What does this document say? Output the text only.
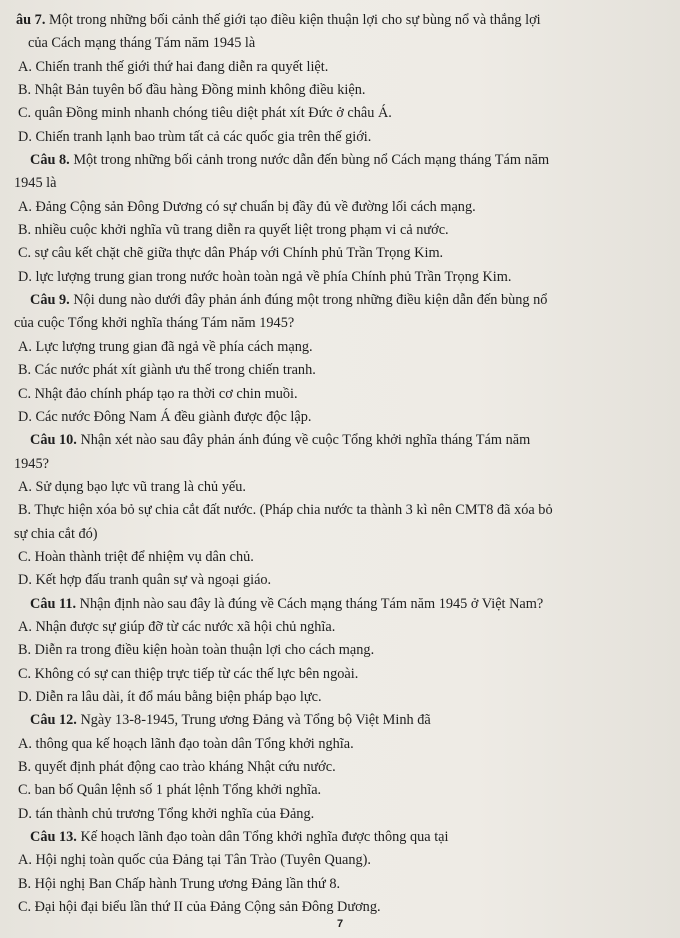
âu 7. Một trong những bối cảnh thế giới tạo điều kiện thuận lợi cho sự bùng nổ và thắng lợi
của Cách mạng tháng Tám năm 1945 là
A. Chiến tranh thế giới thứ hai đang diễn ra quyết liệt.
B. Nhật Bản tuyên bố đầu hàng Đồng minh không điều kiện.
C. quân Đồng minh nhanh chóng tiêu diệt phát xít Đức ở châu Á.
D. Chiến tranh lạnh bao trùm tất cả các quốc gia trên thế giới.
Câu 8. Một trong những bối cảnh trong nước dẫn đến bùng nổ Cách mạng tháng Tám năm
1945 là
A. Đảng Cộng sản Đông Dương có sự chuẩn bị đầy đủ về đường lối cách mạng.
B. nhiều cuộc khởi nghĩa vũ trang diễn ra quyết liệt trong phạm vi cả nước.
C. sự câu kết chặt chẽ giữa thực dân Pháp với Chính phủ Trần Trọng Kim.
D. lực lượng trung gian trong nước hoàn toàn ngả về phía Chính phủ Trần Trọng Kim.
Câu 9. Nội dung nào dưới đây phản ánh đúng một trong những điều kiện dẫn đến bùng nổ
của cuộc Tổng khởi nghĩa tháng Tám năm 1945?
A. Lực lượng trung gian đã ngả về phía cách mạng.
B. Các nước phát xít giành ưu thế trong chiến tranh.
C. Nhật đảo chính pháp tạo ra thời cơ chin muồi.
D. Các nước Đông Nam Á đều giành được độc lập.
Câu 10. Nhận xét nào sau đây phản ánh đúng về cuộc Tổng khởi nghĩa tháng Tám năm
1945?
A. Sử dụng bạo lực vũ trang là chủ yếu.
B. Thực hiện xóa bỏ sự chia cắt đất nước. (Pháp chia nước ta thành 3 kì nên CMT8 đã xóa bỏ
sự chia cắt đó)
C. Hoàn thành triệt để nhiệm vụ dân chủ.
D. Kết hợp đấu tranh quân sự và ngoại giáo.
Câu 11. Nhận định nào sau đây là đúng về Cách mạng tháng Tám năm 1945 ở Việt Nam?
A. Nhận được sự giúp đỡ từ các nước xã hội chủ nghĩa.
B. Diễn ra trong điều kiện hoàn toàn thuận lợi cho cách mạng.
C. Không có sự can thiệp trực tiếp từ các thế lực bên ngoài.
D. Diễn ra lâu dài, ít đổ máu bằng biện pháp bạo lực.
Câu 12. Ngày 13-8-1945, Trung ương Đảng và Tổng bộ Việt Minh đã
A. thông qua kế hoạch lãnh đạo toàn dân Tổng khởi nghĩa.
B. quyết định phát động cao trào kháng Nhật cứu nước.
C. ban bố Quân lệnh số 1 phát lệnh Tổng khởi nghĩa.
D. tán thành chủ trương Tổng khởi nghĩa của Đảng.
Câu 13. Kế hoạch lãnh đạo toàn dân Tổng khởi nghĩa được thông qua tại
A. Hội nghị toàn quốc của Đảng tại Tân Trào (Tuyên Quang).
B. Hội nghị Ban Chấp hành Trung ương Đảng lần thứ 8.
C. Đại hội đại biểu lần thứ II của Đảng Cộng sản Đông Dương.
7
